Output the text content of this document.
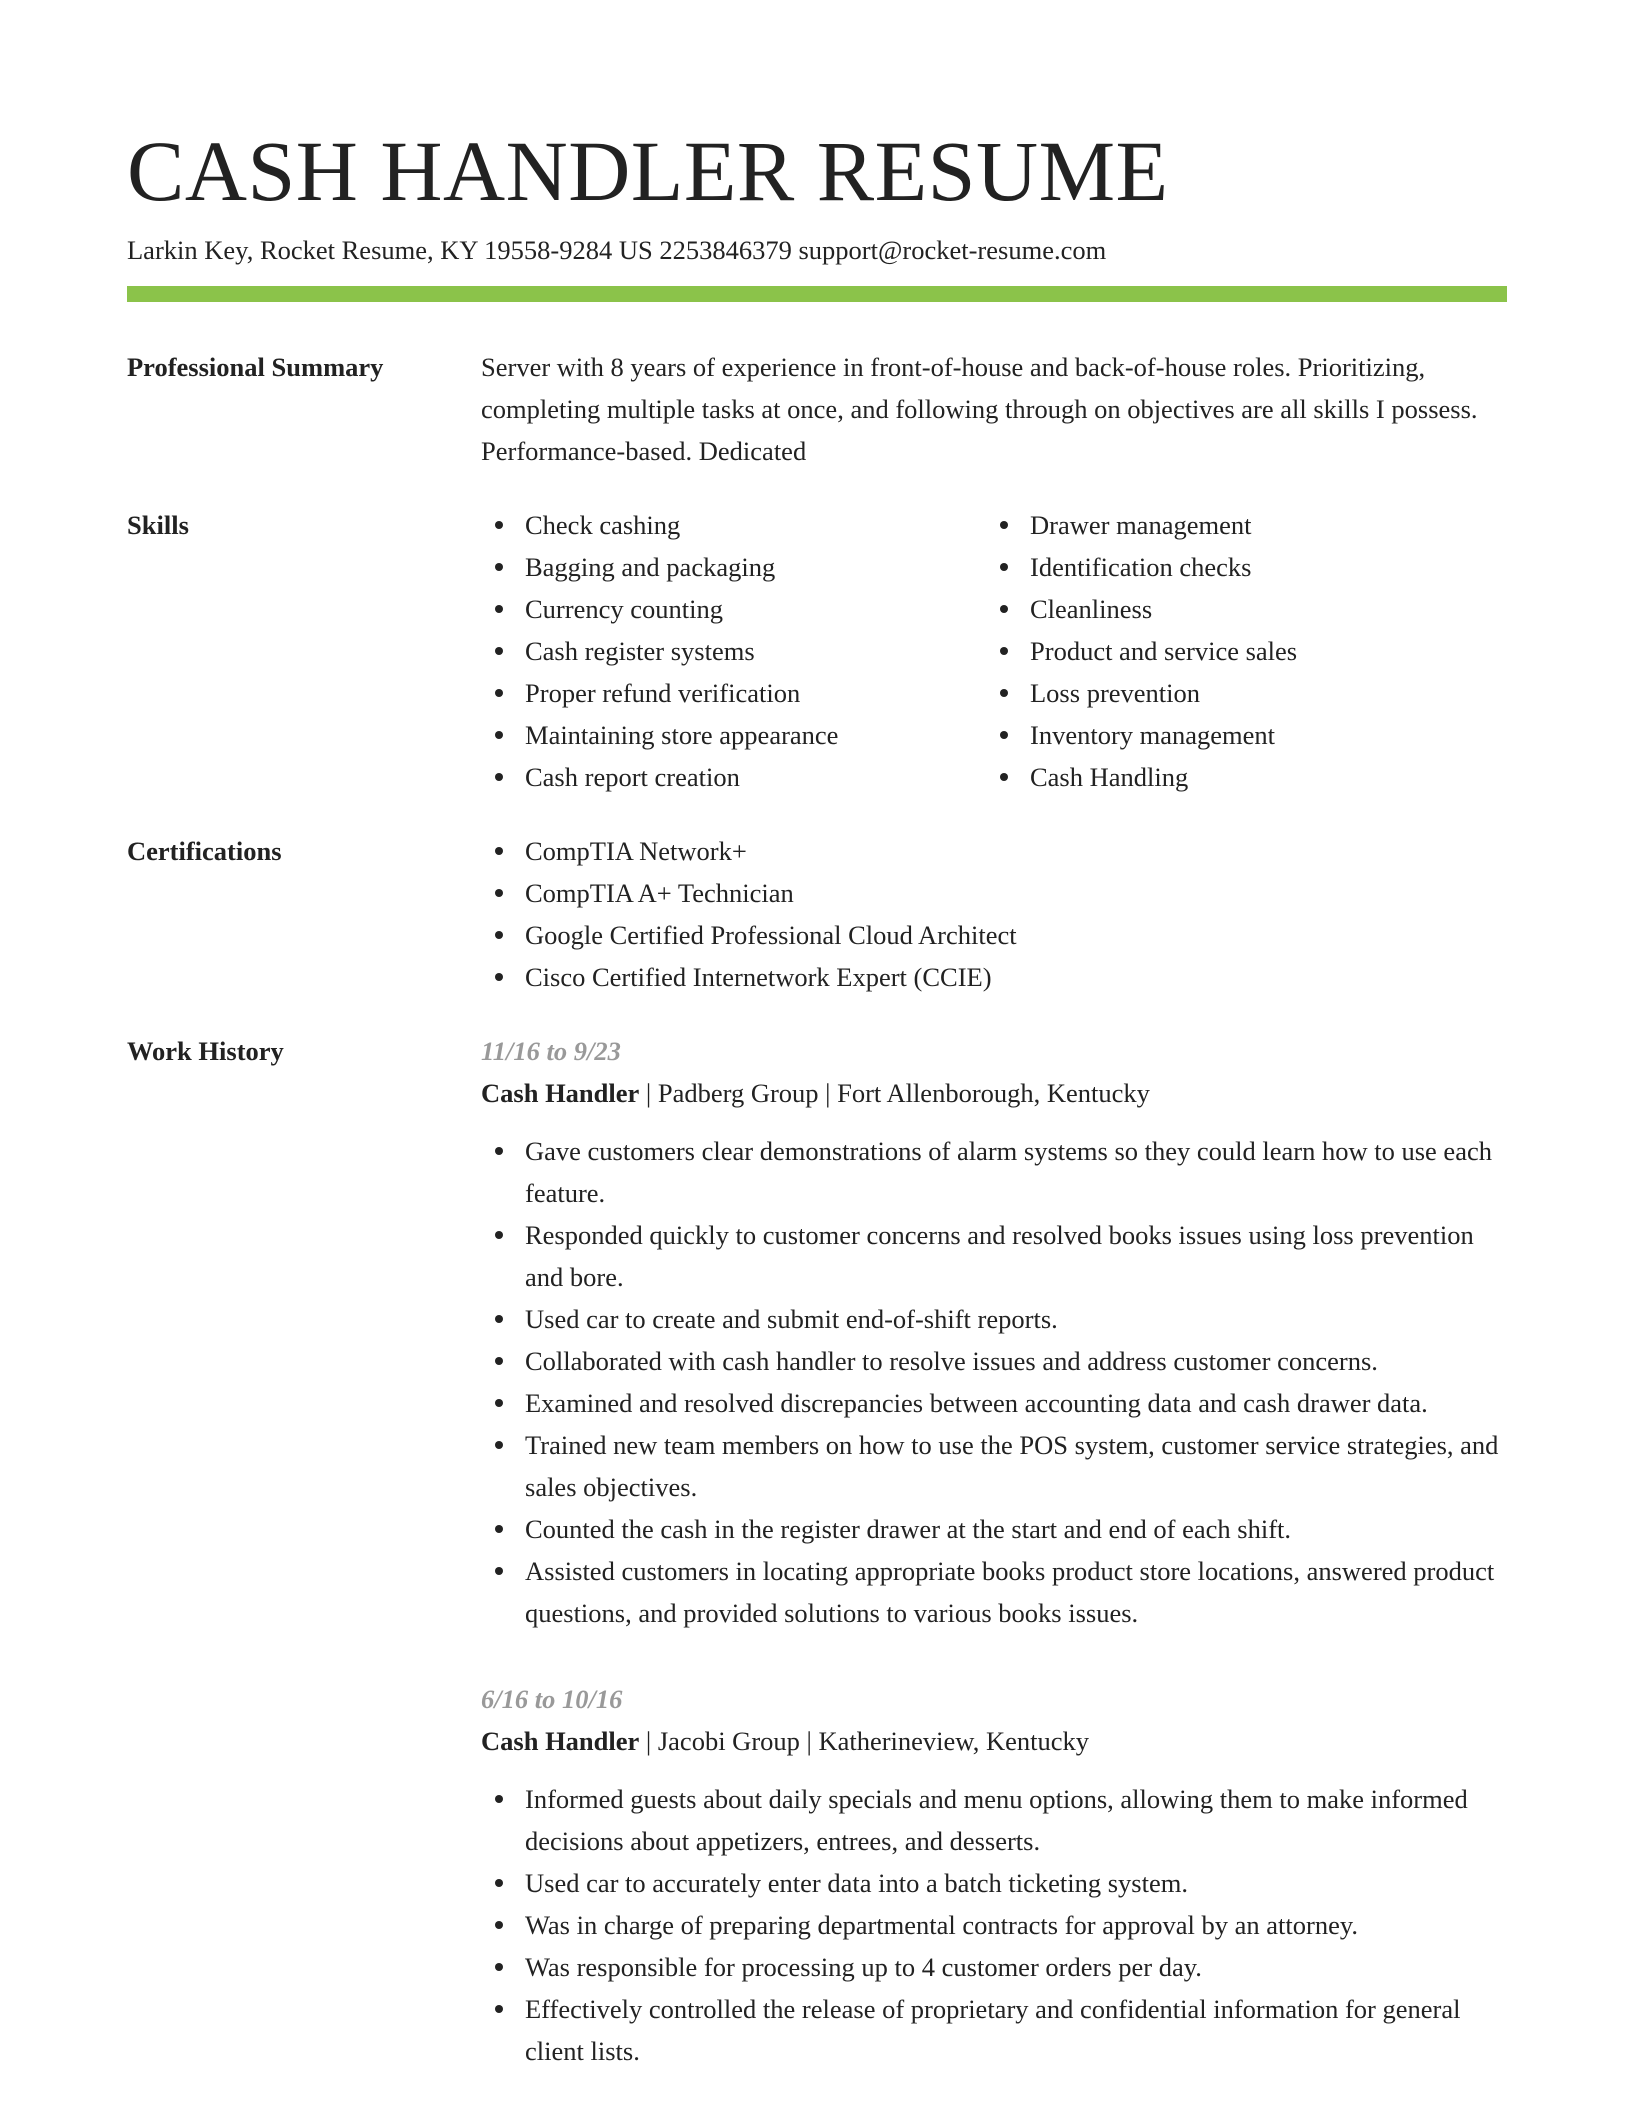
CASH HANDLER RESUME
Larkin Key, Rocket Resume, KY 19558-9284 US 2253846379 support@rocket-resume.com
Professional Summary	Server with 8 years of experience in front-of-house and back-of-house roles. Prioritizing, completing multiple tasks at once, and following through on objectives are all skills I possess. Performance-based. Dedicated

Skills	Check cashing
Bagging and packaging
Currency counting
Cash register systems
Proper refund verification
Maintaining store appearance
Cash report creation
Drawer management
Identification checks
Cleanliness
Product and service sales
Loss prevention
Inventory management
Cash Handling
Certifications	CompTIA Network+
CompTIA A+ Technician
Google Certified Professional Cloud Architect
Cisco Certified Internetwork Expert (CCIE)
Work History	11/16 to 9/23
Cash Handler | Padberg Group | Fort Allenborough, Kentucky
Gave customers clear demonstrations of alarm systems so they could learn how to use each feature.
Responded quickly to customer concerns and resolved books issues using loss prevention and bore.
Used car to create and submit end-of-shift reports.
Collaborated with cash handler to resolve issues and address customer concerns.
Examined and resolved discrepancies between accounting data and cash drawer data.
Trained new team members on how to use the POS system, customer service strategies, and sales objectives.
Counted the cash in the register drawer at the start and end of each shift.
Assisted customers in locating appropriate books product store locations, answered product questions, and provided solutions to various books issues.
6/16 to 10/16
Cash Handler | Jacobi Group | Katherineview, Kentucky
Informed guests about daily specials and menu options, allowing them to make informed decisions about appetizers, entrees, and desserts.
Used car to accurately enter data into a batch ticketing system.
Was in charge of preparing departmental contracts for approval by an attorney.
Was responsible for processing up to 4 customer orders per day.
Effectively controlled the release of proprietary and confidential information for general client lists.
